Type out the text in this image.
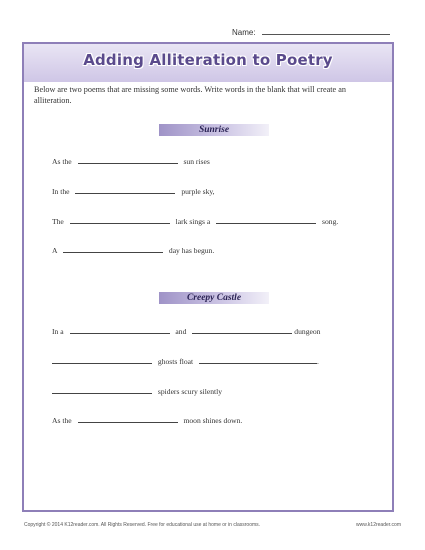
Name:
Adding Alliteration to Poetry
Below are two poems that are missing some words. Write words in the blank that will create an alliteration.
Sunrise
As the	sun rises
In the	purple sky,
The	lark sings a	song.
A	day has begun.
Creepy Castle
In a	and	dungeon
ghosts float	.
spiders scury silently
As the	moon shines down.
Copyright © 2014 K12reader.com. All Rights Reserved. Free for educational use at home or in classrooms.	www.k12reader.com
